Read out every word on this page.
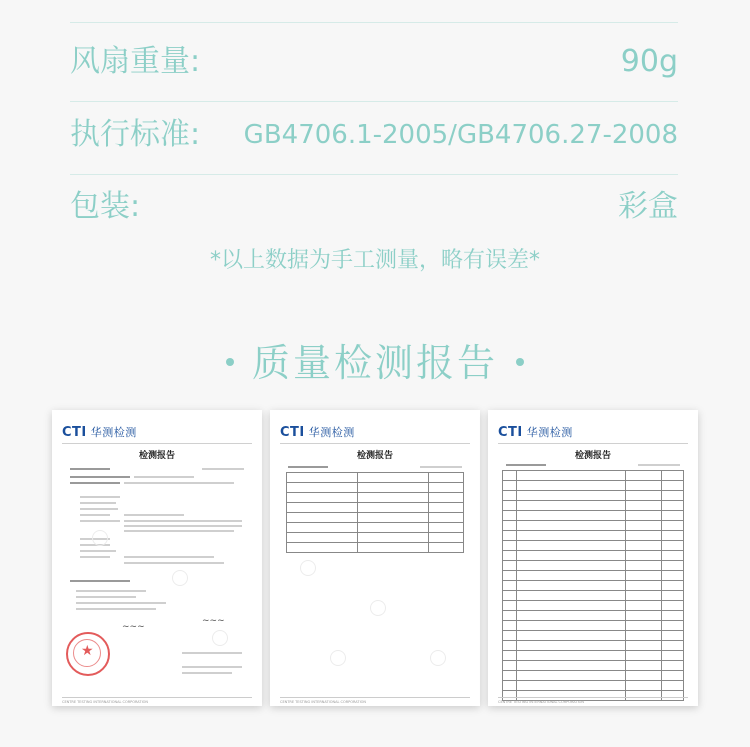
风扇重量:	90g
执行标准: GB4706.1-2005/GB4706.27-2008
包装:	彩盒
*以上数据为手工测量，略有误差*
质量检测报告
CTI 华测检测
检测报告
~~~
~~~
★
CENTRE TESTING INTERNATIONAL CORPORATION
CTI 华测检测
检测报告

CENTRE TESTING INTERNATIONAL CORPORATION
CTI 华测检测
检测报告

CENTRE TESTING INTERNATIONAL CORPORATION
